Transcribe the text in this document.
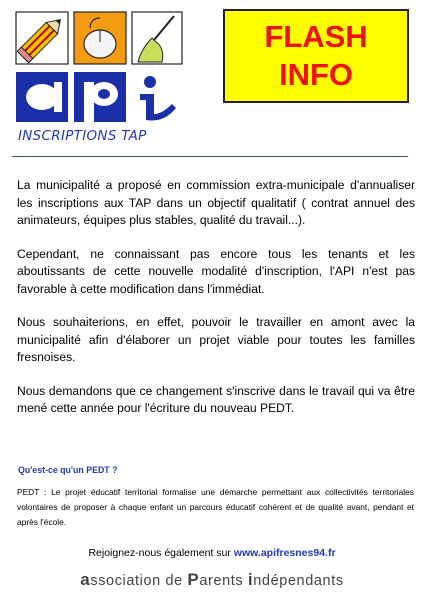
FLASH
INFO
INSCRIPTIONS TAP

La municipalité a proposé en commission extra-municipale d'annualiser les inscriptions aux TAP dans un objectif qualitatif ( contrat annuel des animateurs, équipes plus stables, qualité du travail...).

Cependant, ne connaissant pas encore tous les tenants et les aboutissants de cette nouvelle modalité d'inscription, l'API n'est pas favorable à cette modification dans l'immédiat.

Nous souhaiterions, en effet, pouvoir le travailler en amont avec la municipalité afin d'élaborer un projet viable pour toutes les familles fresnoises.

Nous demandons que ce changement s'inscrive dans le travail qui va être mené cette année pour l'écriture du nouveau PEDT.

Qu'est-ce qu'un PEDT ?
PEDT : Le projet éducatif territorial formalise une démarche permettant aux collectivités territoriales volontaires de proposer à chaque enfant un parcours éducatif cohérent et de qualité avant, pendant et après l'école.
Rejoignez-nous également sur www.apifresnes94.fr
association de Parents indépendants
